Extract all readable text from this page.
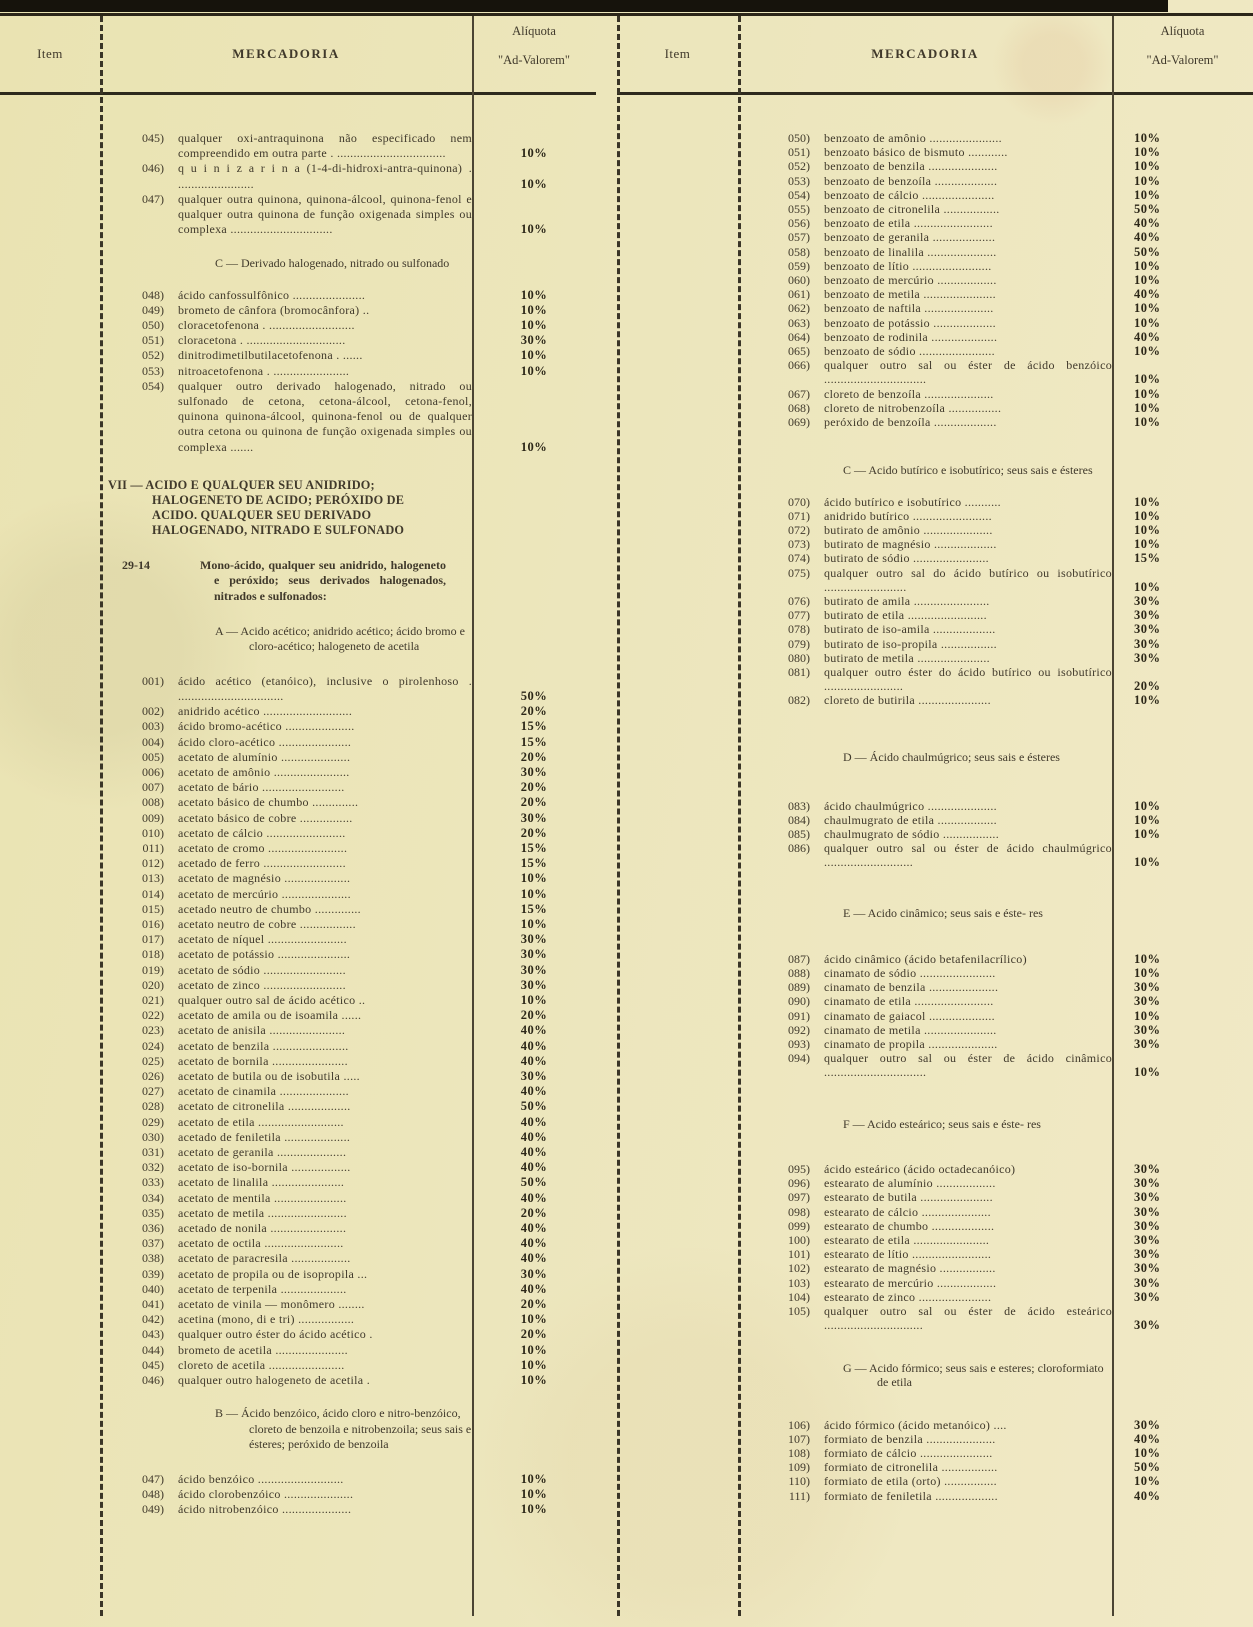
Item	MERCADORIA
Alíquota
"Ad-Valorem"
045)	qualquer oxi-antraquinona não especificado nem compreendido em outra parte . .................................	10%
046)	q u i n i z a r i n a (1-4-di-hidroxi-antra-quinona) . .......................	10%
047)	qualquer outra quinona, quinona-álcool, quinona-fenol e qualquer outra quinona de função oxigenada simples ou complexa ...............................	10%
C — Derivado halogenado, nitrado ou sulfonado
048)	ácido canfossulfônico ......................	10%
049)	brometo de cânfora (bromocânfora) ..	10%
050)	cloracetofenona . ..........................	10%
051)	cloracetona . ..............................	30%
052)	dinitrodimetilbutilacetofenona . ......	10%
053)	nitroacetofenona . .......................	10%
054)	qualquer outro derivado halogenado, nitrado ou sulfonado de cetona, cetona-álcool, cetona-fenol, quinona quinona-álcool, quinona-fenol ou de qualquer outra cetona ou quinona de função oxigenada simples ou complexa .......	10%
VII — ACIDO E QUALQUER SEU ANIDRIDO; HALOGENETO DE ACIDO; PERÓXIDO DE ACIDO. QUALQUER SEU DERIVADO HALOGENADO, NITRADO E SULFONADO
29-14	Mono-ácido, qualquer seu anidrido, halogeneto e peróxido; seus derivados halogenados, nitrados e sulfonados:
A — Acido acético; anidrido acético; ácido bromo e cloro-acético; halogeneto de acetila
001)	ácido acético (etanóico), inclusive o pirolenhoso . ................................	50%
002)	anidrido acético ...........................	20%
003)	ácido bromo-acético .....................	15%
004)	ácido cloro-acético ......................	15%
005)	acetato de alumínio .....................	20%
006)	acetato de amônio .......................	30%
007)	acetato de bário .........................	20%
008)	acetato básico de chumbo ..............	20%
009)	acetato básico de cobre ................	30%
010)	acetato de cálcio ........................	20%
011)	acetato de cromo ........................	15%
012)	acetado de ferro .........................	15%
013)	acetato de magnésio ....................	10%
014)	acetato de mercúrio .....................	10%
015)	acetado neutro de chumbo ..............	15%
016)	acetato neutro de cobre .................	10%
017)	acetato de níquel ........................	30%
018)	acetato de potássio ......................	30%
019)	acetato de sódio .........................	30%
020)	acetato de zinco .........................	30%
021)	qualquer outro sal de ácido acético ..	10%
022)	acetato de amila ou de isoamila ......	20%
023)	acetato de anisila .......................	40%
024)	acetato de benzila .......................	40%
025)	acetato de bornila .......................	40%
026)	acetato de butila ou de isobutila .....	30%
027)	acetato de cinamila .....................	40%
028)	acetato de citronelila ...................	50%
029)	acetato de etila ..........................	40%
030)	acetado de feniletila ....................	40%
031)	acetato de geranila .....................	40%
032)	acetato de iso-bornila ..................	40%
033)	acetato de linalila ......................	50%
034)	acetato de mentila ......................	40%
035)	acetato de metila ........................	20%
036)	acetado de nonila .......................	40%
037)	acetato de octila ........................	40%
038)	acetato de paracresila ..................	40%
039)	acetato de propila ou de isopropila ...	30%
040)	acetato de terpenila ....................	40%
041)	acetato de vinila — monômero ........	20%
042)	acetina (mono, di e tri) .................	10%
043)	qualquer outro éster do ácido acético .	20%
044)	brometo de acetila ......................	10%
045)	cloreto de acetila .......................	10%
046)	qualquer outro halogeneto de acetila .	10%
B — Ácido benzóico, ácido cloro e nitro-benzóico, cloreto de benzoila e nitrobenzoila; seus sais e ésteres; peróxido de benzoila
047)	ácido benzóico ..........................	10%
048)	ácido clorobenzóico .....................	10%
049)	ácido nitrobenzóico .....................	10%
Item	MERCADORIA
Alíquota
"Ad-Valorem"
050)	benzoato de amônio ......................	10%
051)	benzoato básico de bismuto ............	10%
052)	benzoato de benzila .....................	10%
053)	benzoato de benzoíla ...................	10%
054)	benzoato de cálcio ......................	10%
055)	benzoato de citronelila .................	50%
056)	benzoato de etila ........................	40%
057)	benzoato de geranila ...................	40%
058)	benzoato de linalila .....................	50%
059)	benzoato de lítio ........................	10%
060)	benzoato de mercúrio ..................	10%
061)	benzoato de metila ......................	40%
062)	benzoato de naftila .....................	10%
063)	benzoato de potássio ...................	10%
064)	benzoato de rodinila ....................	40%
065)	benzoato de sódio .......................	10%
066)	qualquer outro sal ou éster de ácido benzóico ...............................	10%
067)	cloreto de benzoíla .....................	10%
068)	cloreto de nitrobenzoíla ................	10%
069)	peróxido de benzoíla ...................	10%
C — Acido butírico e isobutírico; seus sais e ésteres
070)	ácido butírico e isobutírico ...........	10%
071)	anidrido butírico ........................	10%
072)	butirato de amônio .....................	10%
073)	butirato de magnésio ...................	10%
074)	butirato de sódio .......................	15%
075)	qualquer outro sal do ácido butírico ou isobutírico .........................	10%
076)	butirato de amila .......................	30%
077)	butirato de etila ........................	30%
078)	butirato de iso-amila ...................	30%
079)	butirato de iso-propila .................	30%
080)	butirato de metila ......................	30%
081)	qualquer outro éster do ácido butírico ou isobutírico ........................	20%
082)	cloreto de butirila ......................	10%
D — Ácido chaulmúgrico; seus sais e ésteres
083)	ácido chaulmúgrico .....................	10%
084)	chaulmugrato de etila ..................	10%
085)	chaulmugrato de sódio .................	10%
086)	qualquer outro sal ou éster de ácido chaulmúgrico ...........................	10%
E — Acido cinâmico; seus sais e éste- res
087)	ácido cinâmico (ácido betafenilacrílico)	10%
088)	cinamato de sódio .......................	10%
089)	cinamato de benzila .....................	30%
090)	cinamato de etila ........................	30%
091)	cinamato de gaiacol ....................	10%
092)	cinamato de metila ......................	30%
093)	cinamato de propila .....................	30%
094)	qualquer outro sal ou éster de ácido cinâmico ...............................	10%
F — Acido esteárico; seus sais e éste- res
095)	ácido esteárico (ácido octadecanóico)	30%
096)	estearato de alumínio ..................	30%
097)	estearato de butila ......................	30%
098)	estearato de cálcio .....................	30%
099)	estearato de chumbo ...................	30%
100)	estearato de etila .......................	30%
101)	estearato de lítio ........................	30%
102)	estearato de magnésio .................	30%
103)	estearato de mercúrio ..................	30%
104)	estearato de zinco ......................	30%
105)	qualquer outro sal ou éster de ácido esteárico ..............................	30%
G — Acido fórmico; seus sais e esteres; cloroformiato de etila
106)	ácido fórmico (ácido metanóico) ....	30%
107)	formiato de benzila .....................	40%
108)	formiato de cálcio ......................	10%
109)	formiato de citronelila .................	50%
110)	formiato de etila (orto) ................	10%
111)	formiato de feniletila ...................	40%
